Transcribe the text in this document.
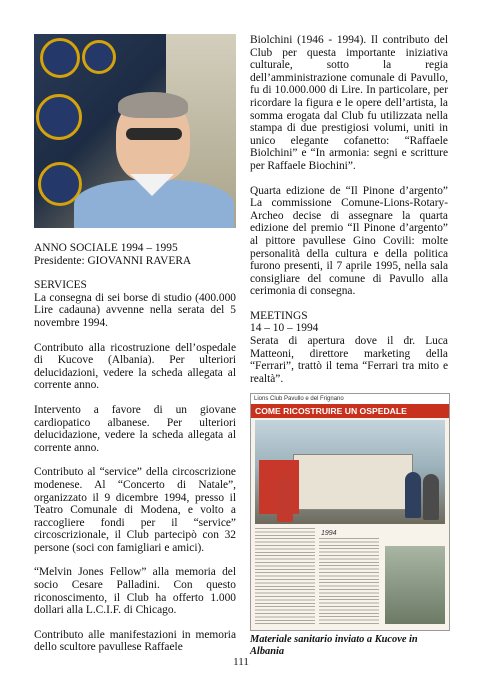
ANNO SOCIALE 1994 – 1995

Presidente: GIOVANNI RAVERA

SERVICES

La consegna di sei borse di studio (400.000 Lire cadauna) avvenne nella serata del 5 novembre 1994.

Contributo alla ricostruzione dell’ospedale di Kucove (Albania). Per ulteriori delucidazioni, vedere la scheda allegata al corrente anno.

Intervento a favore di un giovane cardiopatico albanese. Per ulteriori delucidazione, vedere la scheda allegata al corrente anno.

Contributo al “service” della circoscrizione modenese. Al “Concerto di Natale”, organizzato il 9 dicembre 1994, presso il Teatro Comunale di Modena, e volto a raccogliere fondi per il “service” circoscrizionale, il Club partecipò con 32 persone (soci con famigliari e amici).

“Melvin Jones Fellow” alla memoria del socio Cesare Palladini. Con questo riconoscimento, il Club ha offerto 1.000 dollari alla L.C.I.F. di Chicago.

Contributo alle manifestazioni in memoria dello scultore pavullese Raffaele

Biolchini (1946 - 1994). Il contributo del Club per questa importante iniziativa culturale, sotto la regia dell’amministrazione comunale di Pavullo, fu di 10.000.000 di Lire. In particolare, per ricordare la figura e le opere dell’artista, la somma erogata dal Club fu utilizzata nella stampa di due prestigiosi volumi, uniti in unico elegante cofanetto: “Raffaele Biolchini” e “In armonia: segni e scritture per Raffaele Biochini”.

Quarta edizione de “Il Pinone d’argento” La commissione Comune-Lions-Rotary-Archeo decise di assegnare la quarta edizione del premio “Il Pinone d’argento” al pittore pavullese Gino Covili: molte personalità della cultura e della politica furono presenti, il 7 aprile 1995, nella sala consigliare del comune di Pavullo alla cerimonia di consegna.

MEETINGS

14 – 10 – 1994

Serata di apertura dove il dr. Luca Matteoni, direttore marketing della “Ferrari”, trattò il tema “Ferrari tra mito e realtà”.

Lions Club Pavullo e del Frignano
COME RICOSTRUIRE UN OSPEDALE
1994

Materiale sanitario inviato a Kucove in Albania

111
